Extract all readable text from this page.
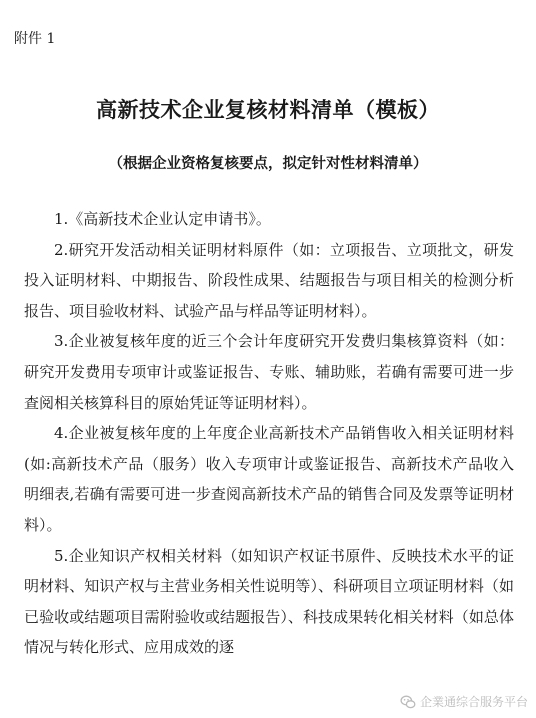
附件 1
高新技术企业复核材料清单（模板）
（根据企业资格复核要点，拟定针对性材料清单）

1.《高新技术企业认定申请书》。

2.研究开发活动相关证明材料原件（如：立项报告、立项批文，研发投入证明材料、中期报告、阶段性成果、结题报告与项目相关的检测分析报告、项目验收材料、试验产品与样品等证明材料）。

3.企业被复核年度的近三个会计年度研究开发费归集核算资料（如：研究开发费用专项审计或鉴证报告、专账、辅助账，若确有需要可进一步查阅相关核算科目的原始凭证等证明材料）。

4.企业被复核年度的上年度企业高新技术产品销售收入相关证明材料(如:高新技术产品（服务）收入专项审计或鉴证报告、高新技术产品收入明细表,若确有需要可进一步查阅高新技术产品的销售合同及发票等证明材料）。

5.企业知识产权相关材料（如知识产权证书原件、反映技术水平的证明材料、知识产权与主营业务相关性说明等）、科研项目立项证明材料（如已验收或结题项目需附验收或结题报告）、科技成果转化相关材料（如总体情况与转化形式、应用成效的逐

企業通综合服务平台
